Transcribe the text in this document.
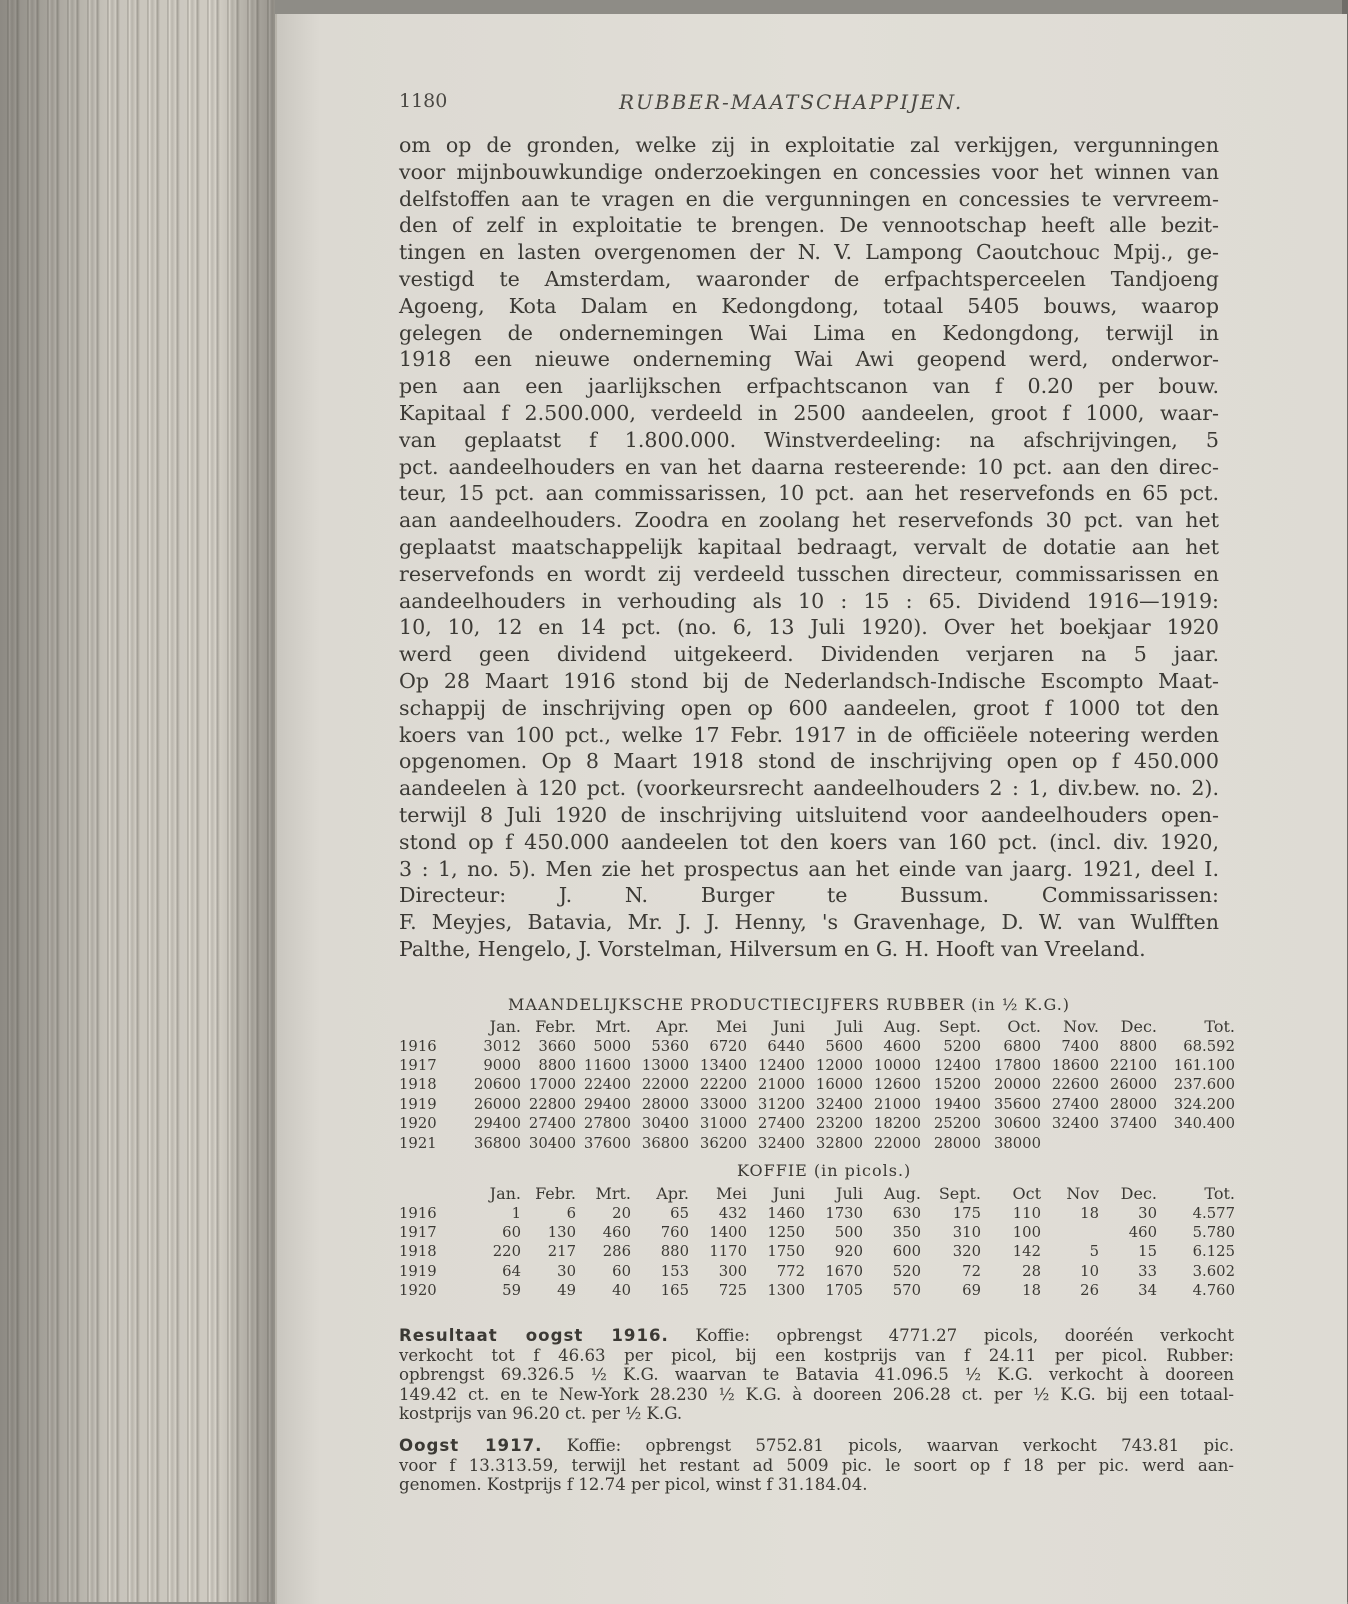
1180	RUBBER-MAATSCHAPPIJEN.
om op de gronden, welke zij in exploitatie zal verkijgen, vergunningen
voor mijnbouwkundige onderzoekingen en concessies voor het winnen van
delfstoffen aan te vragen en die vergunningen en concessies te vervreem-
den of zelf in exploitatie te brengen. De vennootschap heeft alle bezit-
tingen en lasten overgenomen der N. V. Lampong Caoutchouc Mpij., ge-
vestigd te Amsterdam, waaronder de erfpachtsperceelen Tandjoeng
Agoeng, Kota Dalam en Kedongdong, totaal 5405 bouws, waarop
gelegen de ondernemingen Wai Lima en Kedongdong, terwijl in
1918 een nieuwe onderneming Wai Awi geopend werd, onderwor-
pen aan een jaarlijkschen erfpachtscanon van f 0.20 per bouw.
Kapitaal f 2.500.000, verdeeld in 2500 aandeelen, groot f 1000, waar-
van geplaatst f 1.800.000. Winstverdeeling: na afschrijvingen, 5
pct. aandeelhouders en van het daarna resteerende: 10 pct. aan den direc-
teur, 15 pct. aan commissarissen, 10 pct. aan het reservefonds en 65 pct.
aan aandeelhouders. Zoodra en zoolang het reservefonds 30 pct. van het
geplaatst maatschappelijk kapitaal bedraagt, vervalt de dotatie aan het
reservefonds en wordt zij verdeeld tusschen directeur, commissarissen en
aandeelhouders in verhouding als 10 : 15 : 65. Dividend 1916—1919:
10, 10, 12 en 14 pct. (no. 6, 13 Juli 1920). Over het boekjaar 1920
werd geen dividend uitgekeerd. Dividenden verjaren na 5 jaar.
Op 28 Maart 1916 stond bij de Nederlandsch-Indische Escompto Maat-
schappij de inschrijving open op 600 aandeelen, groot f 1000 tot den
koers van 100 pct., welke 17 Febr. 1917 in de officiëele noteering werden
opgenomen. Op 8 Maart 1918 stond de inschrijving open op f 450.000
aandeelen à 120 pct. (voorkeursrecht aandeelhouders 2 : 1, div.bew. no. 2).
terwijl 8 Juli 1920 de inschrijving uitsluitend voor aandeelhouders open-
stond op f 450.000 aandeelen tot den koers van 160 pct. (incl. div. 1920,
3 : 1, no. 5). Men zie het prospectus aan het einde van jaarg. 1921, deel I.
Directeur: J. N. Burger te Bussum. Commissarissen:
F. Meyjes, Batavia, Mr. J. J. Henny, 's Gravenhage, D. W. van Wulfften
Palthe, Hengelo, J. Vorstelman, Hilversum en G. H. Hooft van Vreeland.
MAANDELIJKSCHE PRODUCTIECIJFERS RUBBER (in ½ K.G.)
	Jan.	Febr.	Mrt.	Apr.	Mei	Juni	Juli	Aug.	Sept.	Oct.	Nov.	Dec.	Tot.
1916	3012	3660	5000	5360	6720	6440	5600	4600	5200	6800	7400	8800	68.592
1917	9000	8800	11600	13000	13400	12400	12000	10000	12400	17800	18600	22100	161.100
1918	20600	17000	22400	22000	22200	21000	16000	12600	15200	20000	22600	26000	237.600
1919	26000	22800	29400	28000	33000	31200	32400	21000	19400	35600	27400	28000	324.200
1920	29400	27400	27800	30400	31000	27400	23200	18200	25200	30600	32400	37400	340.400
1921	36800	30400	37600	36800	36200	32400	32800	22000	28000	38000			
KOFFIE (in picols.)
	Jan.	Febr.	Mrt.	Apr.	Mei	Juni	Juli	Aug.	Sept.	Oct	Nov	Dec.	Tot.
1916	1	6	20	65	432	1460	1730	630	175	110	18	30	4.577
1917	60	130	460	760	1400	1250	500	350	310	100		460	5.780
1918	220	217	286	880	1170	1750	920	600	320	142	5	15	6.125
1919	64	30	60	153	300	772	1670	520	72	28	10	33	3.602
1920	59	49	40	165	725	1300	1705	570	69	18	26	34	4.760
Resultaat oogst 1916. Koffie: opbrengst 4771.27 picols, dooréén verkocht
verkocht tot f 46.63 per picol, bij een kostprijs van f 24.11 per picol. Rubber:
opbrengst 69.326.5 ½ K.G. waarvan te Batavia 41.096.5 ½ K.G. verkocht à dooreen
149.42 ct. en te New-York 28.230 ½ K.G. à dooreen 206.28 ct. per ½ K.G. bij een totaal-
kostprijs van 96.20 ct. per ½ K.G.
Oogst 1917. Koffie: opbrengst 5752.81 picols, waarvan verkocht 743.81 pic.
voor f 13.313.59, terwijl het restant ad 5009 pic. le soort op f 18 per pic. werd aan-
genomen. Kostprijs f 12.74 per picol, winst f 31.184.04.
